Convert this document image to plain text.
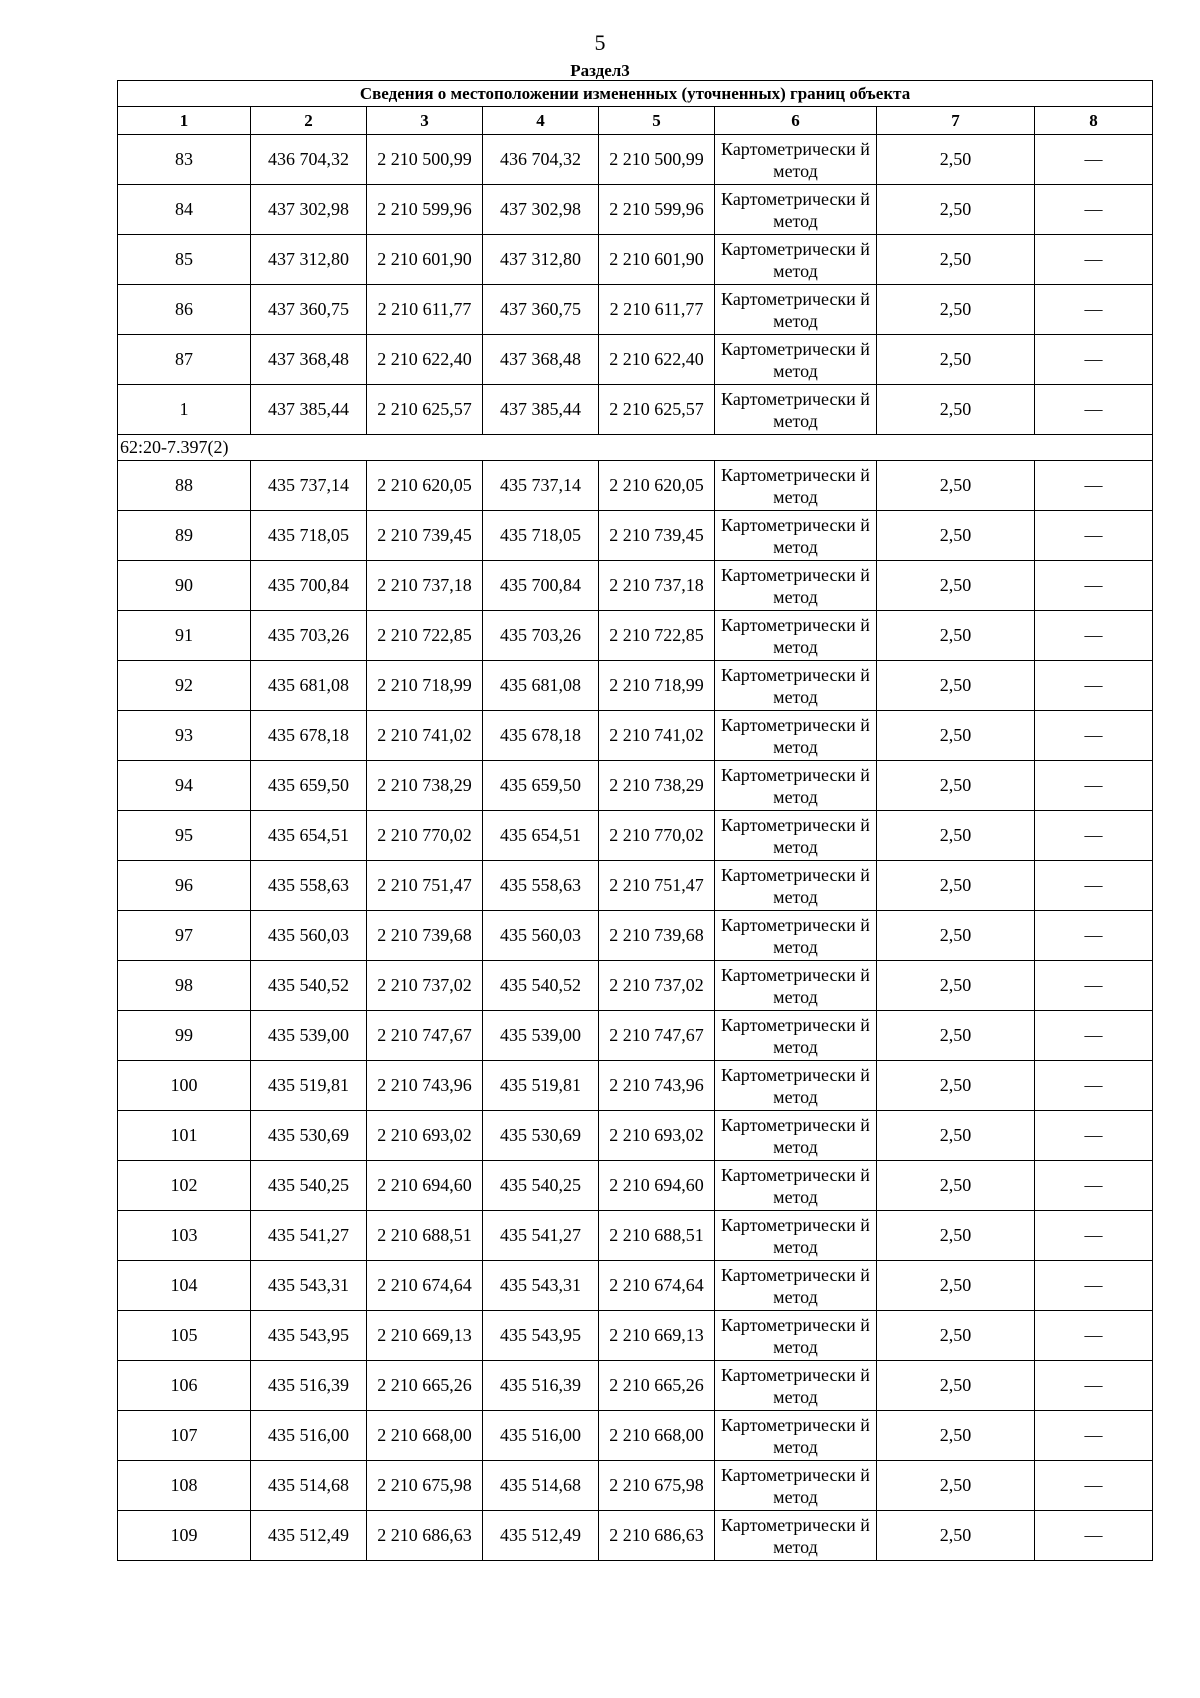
5
Раздел3
Сведения о местоположении измененных (уточненных) границ объекта							
1	2	3	4	5	6	7	8
83	436 704,32	2 210 500,99	436 704,32	2 210 500,99	Картометрически й метод	2,50	—
84	437 302,98	2 210 599,96	437 302,98	2 210 599,96	Картометрически й метод	2,50	—
85	437 312,80	2 210 601,90	437 312,80	2 210 601,90	Картометрически й метод	2,50	—
86	437 360,75	2 210 611,77	437 360,75	2 210 611,77	Картометрически й метод	2,50	—
87	437 368,48	2 210 622,40	437 368,48	2 210 622,40	Картометрически й метод	2,50	—
1	437 385,44	2 210 625,57	437 385,44	2 210 625,57	Картометрически й метод	2,50	—
62:20-7.397(2)							
88	435 737,14	2 210 620,05	435 737,14	2 210 620,05	Картометрически й метод	2,50	—
89	435 718,05	2 210 739,45	435 718,05	2 210 739,45	Картометрически й метод	2,50	—
90	435 700,84	2 210 737,18	435 700,84	2 210 737,18	Картометрически й метод	2,50	—
91	435 703,26	2 210 722,85	435 703,26	2 210 722,85	Картометрически й метод	2,50	—
92	435 681,08	2 210 718,99	435 681,08	2 210 718,99	Картометрически й метод	2,50	—
93	435 678,18	2 210 741,02	435 678,18	2 210 741,02	Картометрически й метод	2,50	—
94	435 659,50	2 210 738,29	435 659,50	2 210 738,29	Картометрически й метод	2,50	—
95	435 654,51	2 210 770,02	435 654,51	2 210 770,02	Картометрически й метод	2,50	—
96	435 558,63	2 210 751,47	435 558,63	2 210 751,47	Картометрически й метод	2,50	—
97	435 560,03	2 210 739,68	435 560,03	2 210 739,68	Картометрически й метод	2,50	—
98	435 540,52	2 210 737,02	435 540,52	2 210 737,02	Картометрически й метод	2,50	—
99	435 539,00	2 210 747,67	435 539,00	2 210 747,67	Картометрически й метод	2,50	—
100	435 519,81	2 210 743,96	435 519,81	2 210 743,96	Картометрически й метод	2,50	—
101	435 530,69	2 210 693,02	435 530,69	2 210 693,02	Картометрически й метод	2,50	—
102	435 540,25	2 210 694,60	435 540,25	2 210 694,60	Картометрически й метод	2,50	—
103	435 541,27	2 210 688,51	435 541,27	2 210 688,51	Картометрически й метод	2,50	—
104	435 543,31	2 210 674,64	435 543,31	2 210 674,64	Картометрически й метод	2,50	—
105	435 543,95	2 210 669,13	435 543,95	2 210 669,13	Картометрически й метод	2,50	—
106	435 516,39	2 210 665,26	435 516,39	2 210 665,26	Картометрически й метод	2,50	—
107	435 516,00	2 210 668,00	435 516,00	2 210 668,00	Картометрически й метод	2,50	—
108	435 514,68	2 210 675,98	435 514,68	2 210 675,98	Картометрически й метод	2,50	—
109	435 512,49	2 210 686,63	435 512,49	2 210 686,63	Картометрически й метод	2,50	—
